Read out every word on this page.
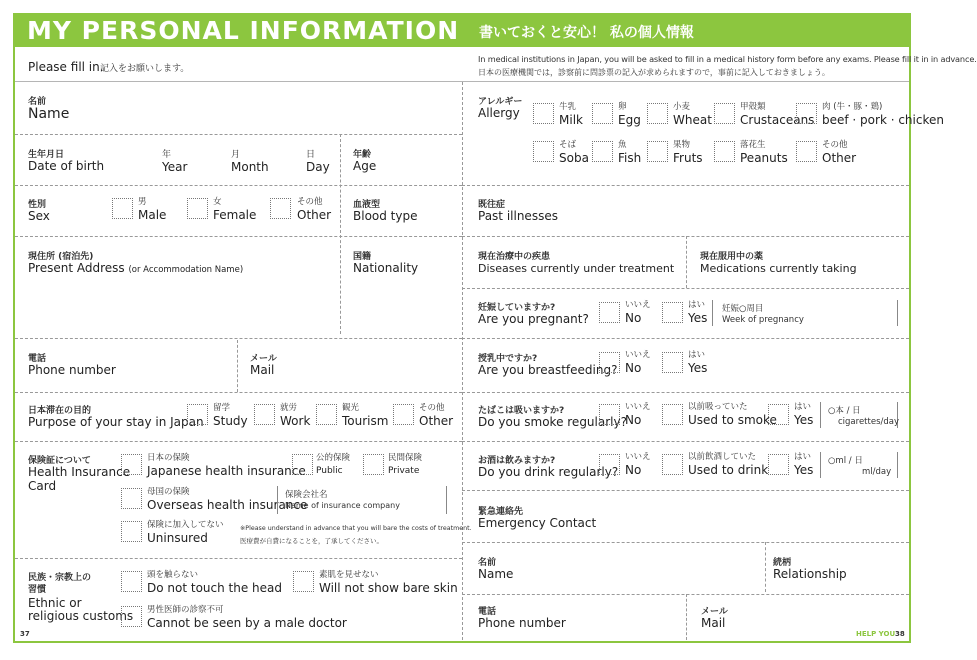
MY PERSONAL INFORMATION 書いておくと安心！ 私の個人情報
Please fill in.
記入をお願いします。
In medical institutions in Japan, you will be asked to fill in a medical history form before any exams. Please fill it in in advance.
日本の医療機関では，診察前に問診票の記入が求められますので，事前に記入しておきましょう。
名前
Name
生年月日
Date of birth
年
Year
月
Month
日
Day
年齢
Age
性別
Sex
男
Male
女
Female
その他
Other
血液型
Blood type
現住所 (宿泊先)
Present Address (or Accommodation Name)
国籍
Nationality
電話
Phone number
メール
Mail
日本滞在の目的
Purpose of your stay in Japan
留学
Study
就労
Work
観光
Tourism
その他
Other
保険証について
Health Insurance
Card
日本の保険
Japanese health insurance
公的保険
Public
民間保険
Private
母国の保険
Overseas health insurance
保険会社名
Name of insurance company
保険に加入してない
Uninsured
※Please understand in advance that you will bare the costs of treatment.
医療費が自費になることを，了承してください。
民族・宗教上の
習慣
Ethnic or
religious customs
頭を触らない
Do not touch the head
素肌を見せない
Will not show bare skin
男性医師の診察不可
Cannot be seen by a male doctor
アレルギー
Allergy	牛乳
Milk
卵
Egg
小麦
Wheat
甲殻類
Crustaceans
肉 (牛・豚・鶏)
beef · pork · chicken
そば
Soba
魚
Fish
果物
Fruts
落花生
Peanuts
その他
Other
既往症
Past illnesses
現在治療中の疾患
Diseases currently under treatment
現在服用中の薬
Medications currently taking
妊娠していますか?
Are you pregnant?
いいえ
No
はい
Yes
妊娠○周目
Week of pregnancy
授乳中ですか?
Are you breastfeeding?
いいえ
No
はい
Yes
たばこは吸いますか?
Do you smoke regularly?
いいえ
No
以前吸っていた
Used to smoke
はい
Yes
○本 / 日
cigarettes/day
お酒は飲みますか?
Do you drink regularly?
いいえ
No
以前飲酒していた
Used to drink
はい
Yes
○ml / 日
ml/day
緊急連絡先
Emergency Contact
名前
Name
続柄
Relationship
電話
Phone number
メール
Mail
37	HELP YOU 38
